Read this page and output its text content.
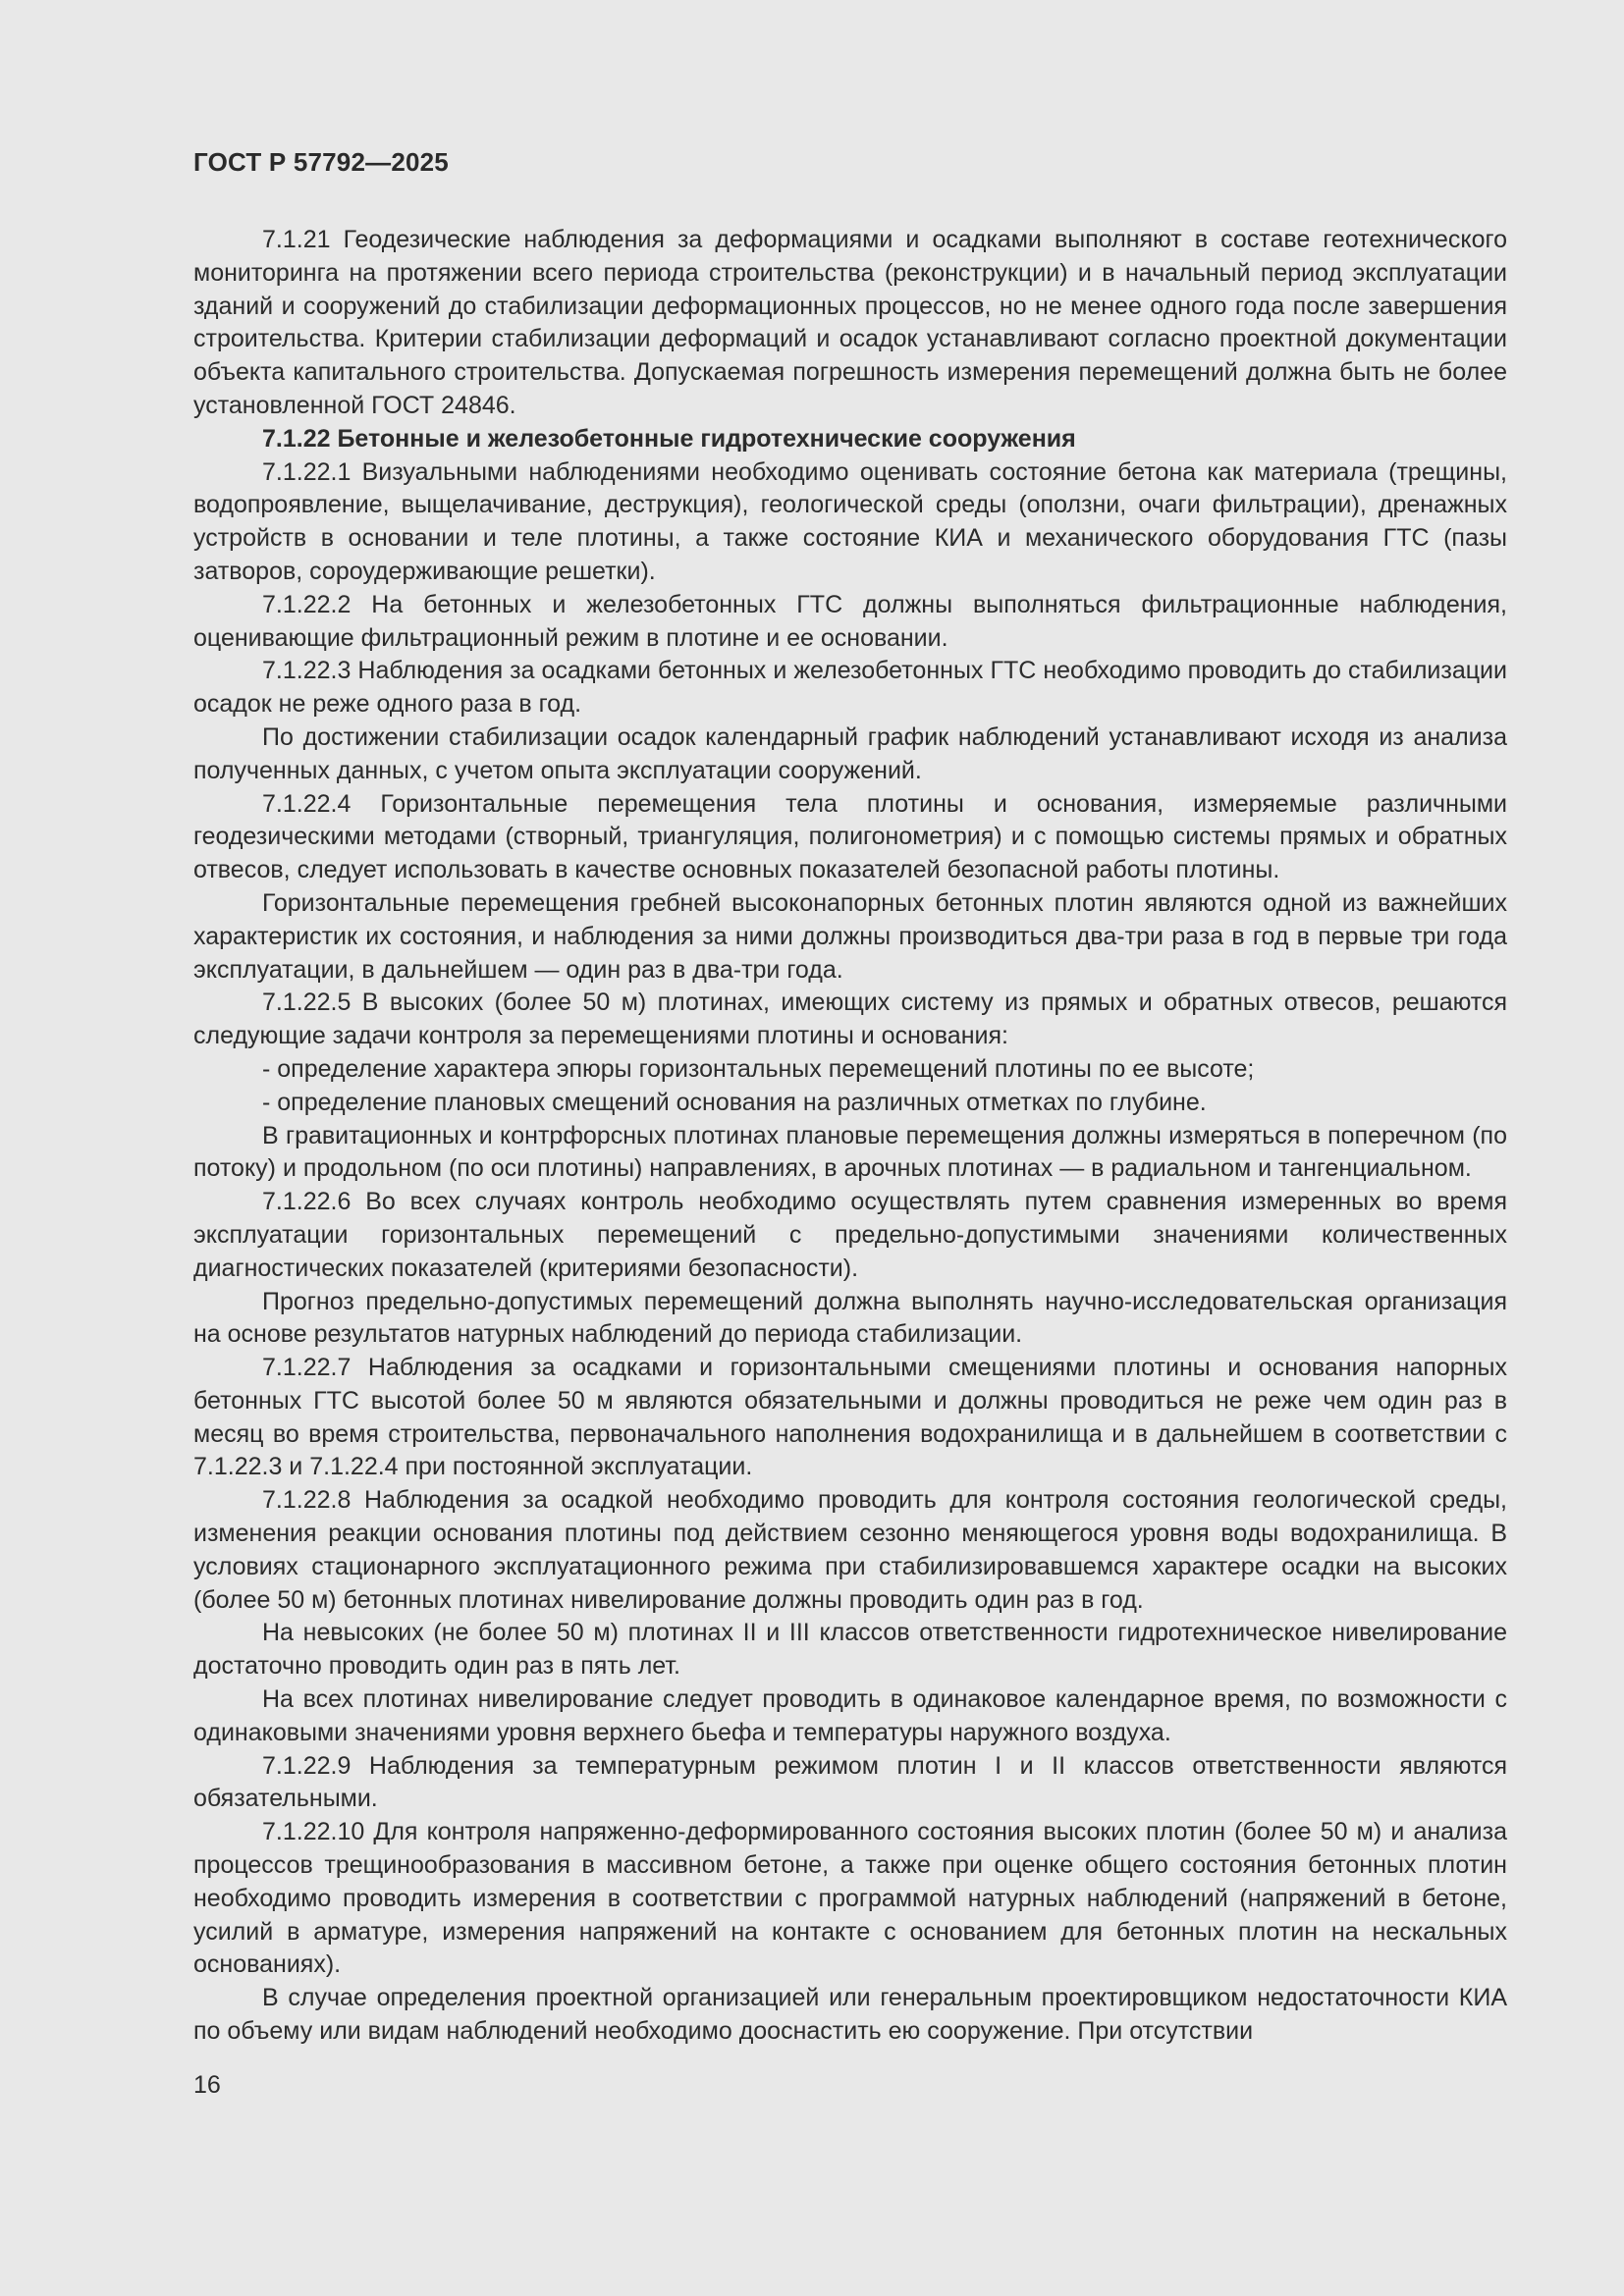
ГОСТ Р 57792—2025

7.1.21 Геодезические наблюдения за деформациями и осадками выполняют в составе геотехнического мониторинга на протяжении всего периода строительства (реконструкции) и в начальный период эксплуатации зданий и сооружений до стабилизации деформационных процессов, но не менее одного года после завершения строительства. Критерии стабилизации деформаций и осадок устанавливают согласно проектной документации объекта капитального строительства. Допускаемая погрешность измерения перемещений должна быть не более установленной ГОСТ 24846.

7.1.22 Бетонные и железобетонные гидротехнические сооружения

7.1.22.1 Визуальными наблюдениями необходимо оценивать состояние бетона как материала (трещины, водопроявление, выщелачивание, деструкция), геологической среды (оползни, очаги фильтрации), дренажных устройств в основании и теле плотины, а также состояние КИА и механического оборудования ГТС (пазы затворов, сороудерживающие решетки).

7.1.22.2 На бетонных и железобетонных ГТС должны выполняться фильтрационные наблюдения, оценивающие фильтрационный режим в плотине и ее основании.

7.1.22.3 Наблюдения за осадками бетонных и железобетонных ГТС необходимо проводить до стабилизации осадок не реже одного раза в год.

По достижении стабилизации осадок календарный график наблюдений устанавливают исходя из анализа полученных данных, с учетом опыта эксплуатации сооружений.

7.1.22.4 Горизонтальные перемещения тела плотины и основания, измеряемые различными геодезическими методами (створный, триангуляция, полигонометрия) и с помощью системы прямых и обратных отвесов, следует использовать в качестве основных показателей безопасной работы плотины.

Горизонтальные перемещения гребней высоконапорных бетонных плотин являются одной из важнейших характеристик их состояния, и наблюдения за ними должны производиться два-три раза в год в первые три года эксплуатации, в дальнейшем — один раз в два-три года.

7.1.22.5 В высоких (более 50 м) плотинах, имеющих систему из прямых и обратных отвесов, решаются следующие задачи контроля за перемещениями плотины и основания:

- определение характера эпюры горизонтальных перемещений плотины по ее высоте;

- определение плановых смещений основания на различных отметках по глубине.

В гравитационных и контрфорсных плотинах плановые перемещения должны измеряться в поперечном (по потоку) и продольном (по оси плотины) направлениях, в арочных плотинах — в радиальном и тангенциальном.

7.1.22.6 Во всех случаях контроль необходимо осуществлять путем сравнения измеренных во время эксплуатации горизонтальных перемещений с предельно-допустимыми значениями количественных диагностических показателей (критериями безопасности).

Прогноз предельно-допустимых перемещений должна выполнять научно-исследовательская организация на основе результатов натурных наблюдений до периода стабилизации.

7.1.22.7 Наблюдения за осадками и горизонтальными смещениями плотины и основания напорных бетонных ГТС высотой более 50 м являются обязательными и должны проводиться не реже чем один раз в месяц во время строительства, первоначального наполнения водохранилища и в дальнейшем в соответствии с 7.1.22.3 и 7.1.22.4 при постоянной эксплуатации.

7.1.22.8 Наблюдения за осадкой необходимо проводить для контроля состояния геологической среды, изменения реакции основания плотины под действием сезонно меняющегося уровня воды водохранилища. В условиях стационарного эксплуатационного режима при стабилизировавшемся характере осадки на высоких (более 50 м) бетонных плотинах нивелирование должны проводить один раз в год.

На невысоких (не более 50 м) плотинах II и III классов ответственности гидротехническое нивелирование достаточно проводить один раз в пять лет.

На всех плотинах нивелирование следует проводить в одинаковое календарное время, по возможности с одинаковыми значениями уровня верхнего бьефа и температуры наружного воздуха.

7.1.22.9 Наблюдения за температурным режимом плотин I и II классов ответственности являются обязательными.

7.1.22.10 Для контроля напряженно-деформированного состояния высоких плотин (более 50 м) и анализа процессов трещинообразования в массивном бетоне, а также при оценке общего состояния бетонных плотин необходимо проводить измерения в соответствии с программой натурных наблюдений (напряжений в бетоне, усилий в арматуре, измерения напряжений на контакте с основанием для бетонных плотин на нескальных основаниях).

В случае определения проектной организацией или генеральным проектировщиком недостаточности КИА по объему или видам наблюдений необходимо дооснастить ею сооружение. При отсутствии

16
